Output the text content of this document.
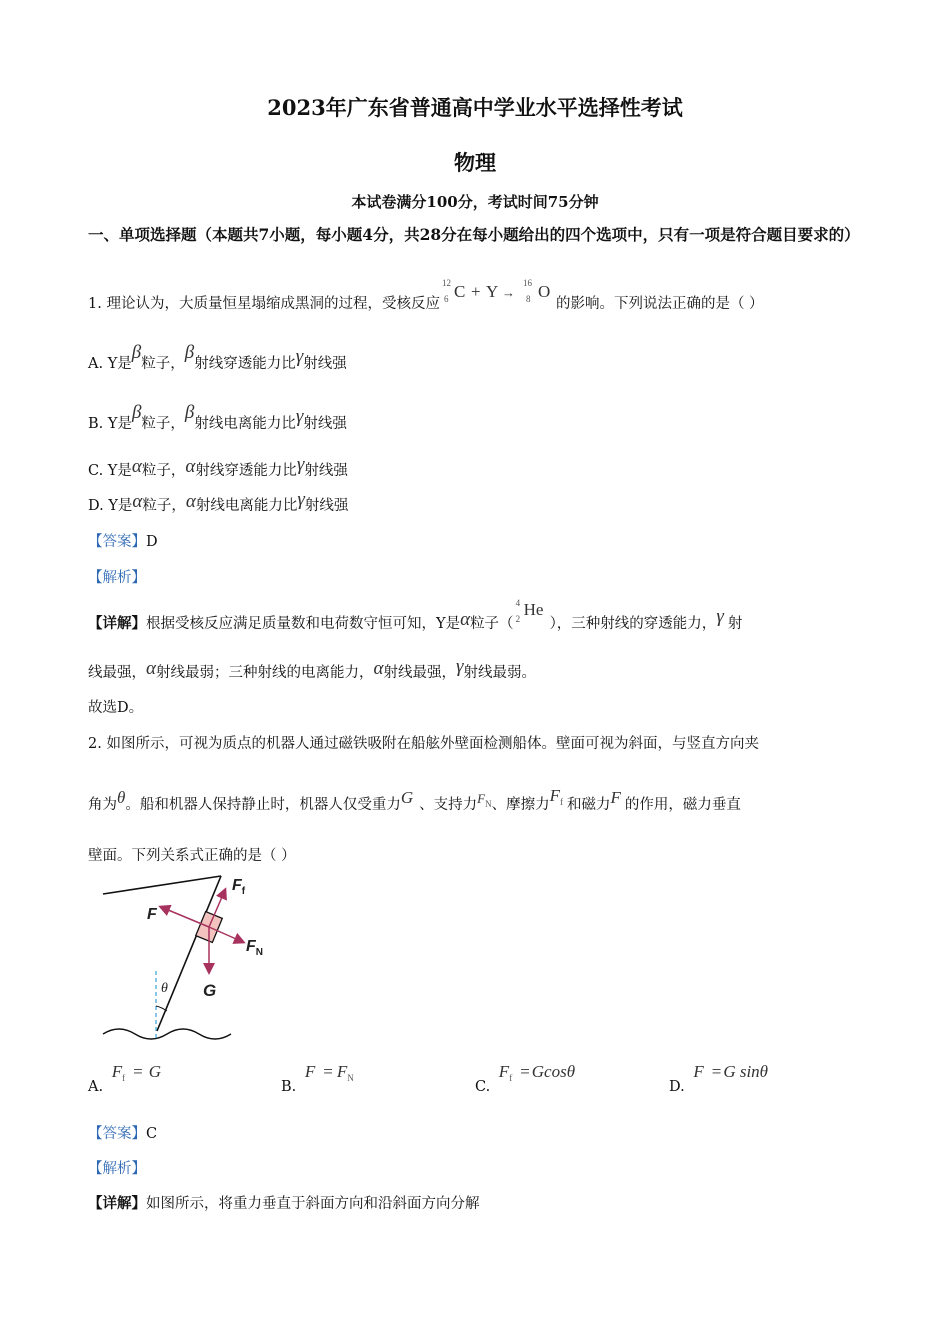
2023年广东省普通高中学业水平选择性考试
物理
本试卷满分100分，考试时间75分钟
一、单项选择题（本题共7小题，每小题4分，共28分在每小题给出的四个选项中，只有一项是符合题目要求的）
1. 理论认为，大质量恒星塌缩成黑洞的过程，受核反应
12
6 C + Y →
16
8 O
的影响。下列说法正确的是（ ）
A. Y是β粒子，β射线穿透能力比γ射线强
B. Y是β粒子，β射线电离能力比γ射线强
C. Y是α粒子，α射线穿透能力比γ射线强
D. Y是α粒子，α射线电离能力比γ射线强
【答案】D
【解析】
【详解】根据受核反应满足质量数和电荷数守恒可知，Y是α粒子（
4
2 He
），三种射线的穿透能力，γ 射
线最强，α射线最弱；三种射线的电离能力，α射线最强，γ射线最弱。
故选D。
2. 如图所示，可视为质点的机器人通过磁铁吸附在船舷外壁面检测船体。壁面可视为斜面，与竖直方向夹
角为θ。船和机器人保持静止时，机器人仅受重力G 、支持力$F_N$、摩擦力$F_f$ 和磁力F 的作用，磁力垂直
壁面。下列关系式正确的是（ ）
$F_f$
F
$F_N$
G
θ
A. $F_f = G$
B. $F = F_N$
C. $F_f = Gcos\theta$
D. F = G sinθ
【答案】C
【解析】
【详解】如图所示，将重力垂直于斜面方向和沿斜面方向分解
